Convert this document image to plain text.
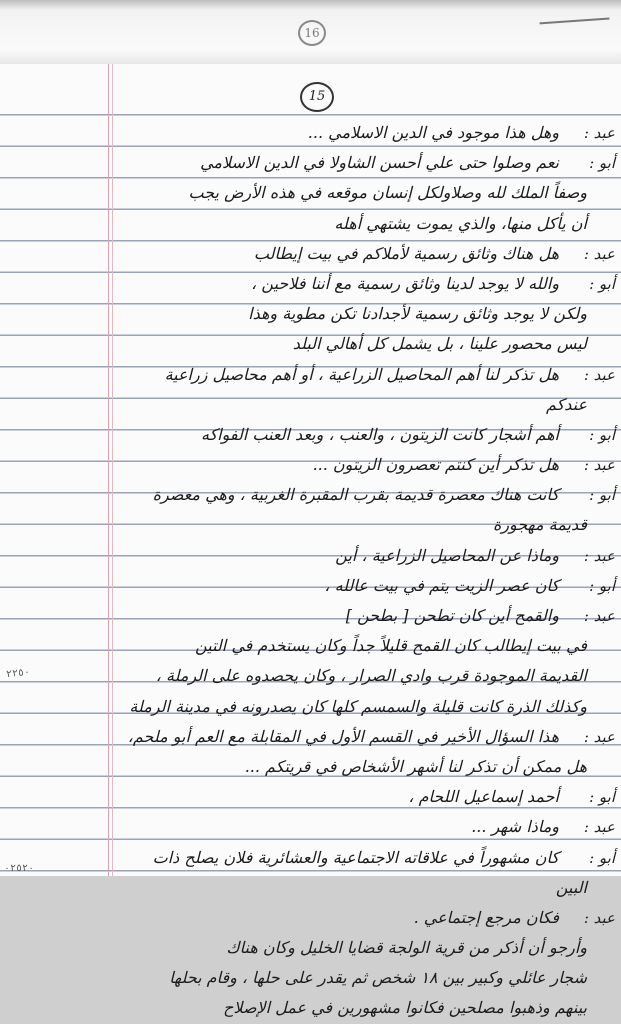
16
15
عبد :
وهل هذا موجود في الدين الاسلامي ...
أبو :
نعم وصلوا حتى علي أحسن الشاولا في الدين الاسلامي
وصفاً الملك لله وصلاولكل إنسان موقعه في هذه الأرض يجب
أن يأكل منها، والذي يموت يشتهي أهله
عبد :
هل هناك وثائق رسمية لأملاكم في بيت إيطالب
أبو :
والله لا يوجد لدينا وثائق رسمية مع أننا فلاحين ،
ولكن لا يوجد وثائق رسمية لأجدادنا تكن مطوية وهذا
ليس محصور علينا ، بل يشمل كل أهالي البلد
عبد :
هل تذكر لنا أهم المحاصيل الزراعية ، أو أهم محاصيل زراعية
عندكم
أبو :
أهم أشجار كانت الزيتون ، والعنب ، وبعد العنب الفواكه
عبد :
هل تذكر أين كنتم تعصرون الزيتون ...
أبو :
كانت هناك معصرة قديمة بقرب المقبرة الغربية ، وهي معصرة
قديمة مهجورة
عبد :
وماذا عن المحاصيل الزراعية ، أين
أبو :
كان عصر الزيت يتم في بيت عالله ،
عبد :
والقمح أين كان تطحن [ بطحن ]
في بيت إيطالب كان القمح قليلاً جداً وكان يستخدم في التين
القديمة الموجودة قرب وادي الصرار ، وكان يحصدوه على الرملة ،
وكذلك الذرة كانت قليلة والسمسم كلها كان يصدرونه في مدينة الرملة
عبد :
هذا السؤال الأخير في القسم الأول في المقابلة مع العم أبو ملحم،
هل ممكن أن تذكر لنا أشهر الأشخاص في قريتكم ...
أبو :
أحمد إسماعيل اللحام ،
عبد :
وماذا شهر ...
أبو :
كان مشهوراً في علاقاته الاجتماعية والعشائرية فلان يصلح ذات
البين
عبد :
فكان مرجع إجتماعي .
وأرجو أن أذكر من قرية الولجة قضايا الخليل وكان هناك
شجار عائلي وكبير بين ١٨ شخص ثم يقدر على حلها ، وقام بحلها
بينهم وذهبوا مصلحين فكانوا مشهورين في عمل الإصلاح
٢٢٥٠
٠٢٥٢٠
